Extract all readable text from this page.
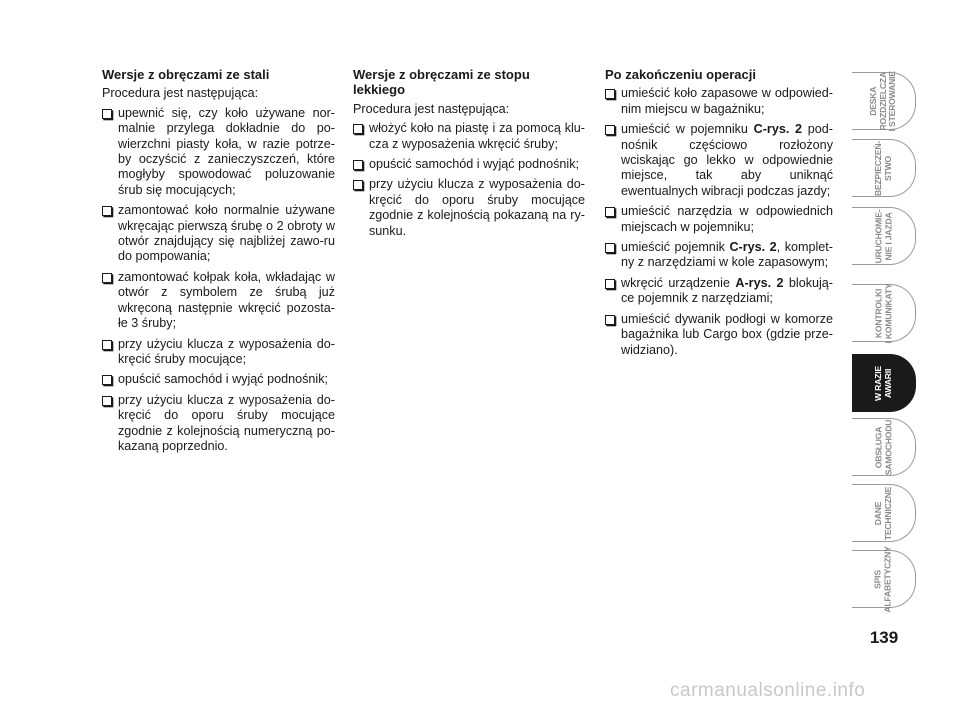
Wersje z obręczami ze stali

Procedura jest następująca:

upewnić się, czy koło używane nor-malnie przylega dokładnie do po-wierzchni piasty koła, w razie potrze-by oczyścić z zanieczyszczeń, które mogłyby spowodować poluzowanie śrub się mocujących;
zamontować koło normalnie używane wkręcając pierwszą śrubę o 2 obroty w otwór znajdujący się najbliżej zawo-ru do pompowania;
zamontować kołpak koła, wkładając w otwór z symbolem ze śrubą już wkręconą następnie wkręcić pozosta-łe 3 śruby;
przy użyciu klucza z wyposażenia do-kręcić śruby mocujące;
opuścić samochód i wyjąć podnośnik;
przy użyciu klucza z wyposażenia do-kręcić do oporu śruby mocujące zgodnie z kolejnością numeryczną po-kazaną poprzednio.

Wersje z obręczami ze stopu lekkiego

Procedura jest następująca:

włożyć koło na piastę i za pomocą klu-cza z wyposażenia wkręcić śruby;
opuścić samochód i wyjąć podnośnik;
przy użyciu klucza z wyposażenia do-kręcić do oporu śruby mocujące zgodnie z kolejnością pokazaną na ry-sunku.

Po zakończeniu operacji

umieścić koło zapasowe w odpowied-nim miejscu w bagażniku;
umieścić w pojemniku C-rys. 2 pod-nośnik częściowo rozłożony wciskając go lekko w odpowiednie miejsce, tak aby uniknąć ewentualnych wibracji podczas jazdy;
umieścić narzędzia w odpowiednich miejscach w pojemniku;
umieścić pojemnik C-rys. 2, komplet-ny z narzędziami w kole zapasowym;
wkręcić urządzenie A-rys. 2 blokują-ce pojemnik z narzędziami;
umieścić dywanik podłogi w komorze bagażnika lub Cargo box (gdzie prze-widziano).
DESKA
ROZDZIELCZA
I STEROWANIE
BEZPIECZEŃ-
STWO
URUCHOMIE-
NIE I JAZDA
KONTROLKI
I KOMUNIKATY
W RAZIE
AWARII
OBSŁUGA
SAMOCHODU
DANE
TECHNICZNE
SPIS
ALFABETYCZNY
139
carmanualsonline.info
